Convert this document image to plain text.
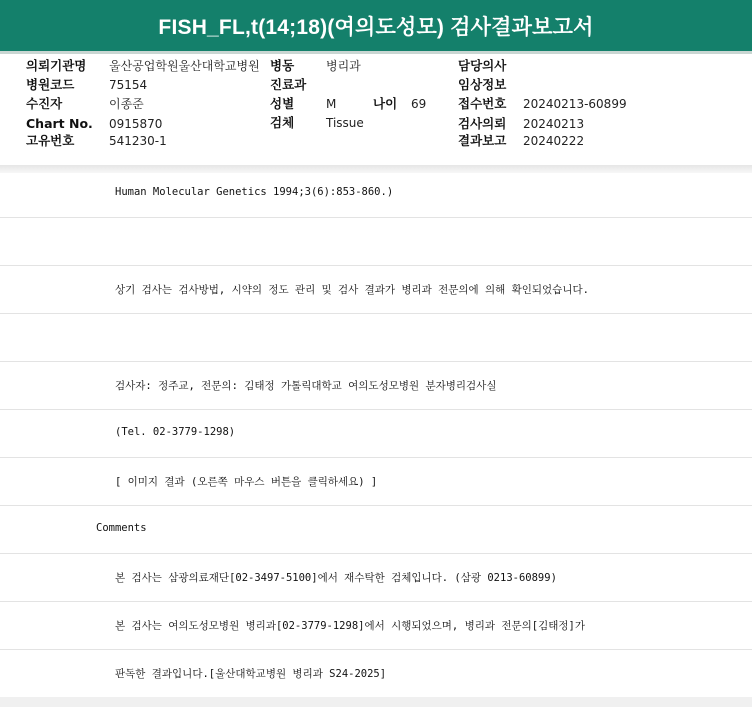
FISH_FL,t(14;18)(여의도성모) 검사결과보고서
의뢰기관명 울산공업학원울산대학교병원
병원코드	75154
수진자	이종준
Chart No. 0915870
고유번호	541230-1
병동	병리과
진료과
성별	M	나이 69
검체	Tissue
담당의사
임상정보
접수번호 20240213-60899
검사의뢰 20240213
결과보고 20240222
Human Molecular Genetics 1994;3(6):853-860.)
상기 검사는 검사방법, 시약의 정도 관리 및 검사 결과가 병리과 전문의에 의해 확인되었습니다.
검사자: 정주교, 전문의: 김태정 가톨릭대학교 여의도성모병원 분자병리검사실
(Tel. 02-3779-1298)
[ 이미지 결과 (오른쪽 마우스 버튼을 클릭하세요) ]
Comments
본 검사는 삼광의료재단[02-3497-5100]에서 재수탁한 검체입니다. (삼광 0213-60899)
본 검사는 여의도성모병원 병리과[02-3779-1298]에서 시행되었으며, 병리과 전문의[김태정]가
판독한 결과입니다.[울산대학교병원 병리과 S24-2025]
